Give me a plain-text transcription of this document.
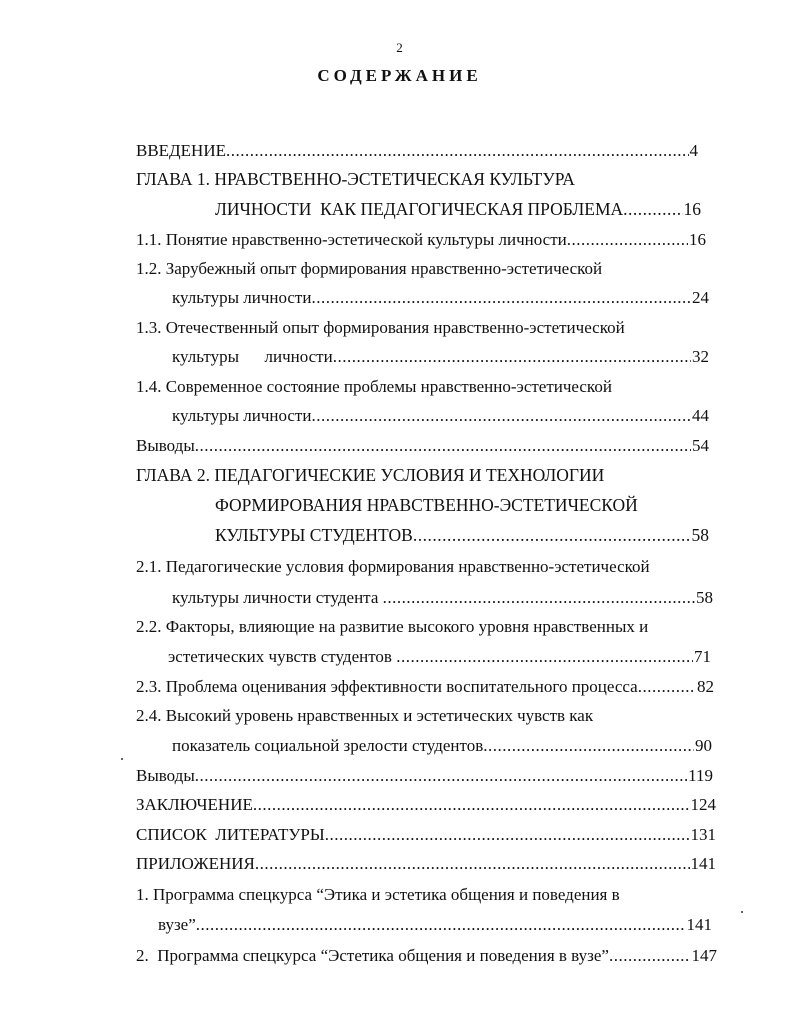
2
СОДЕРЖАНИЕ
ВВЕДЕНИЕ .....	4
ГЛАВА 1. НРАВСТВЕННО-ЭСТЕТИЧЕСКАЯ КУЛЬТУРА
ЛИЧНОСТИ  КАК ПЕДАГОГИЧЕСКАЯ ПРОБЛЕМА .....	16
1.1. Понятие нравственно-эстетической культуры личности .....	16
1.2. Зарубежный опыт формирования нравственно-эстетической
культуры личности .....	24
1.3. Отечественный опыт формирования нравственно-эстетической
культуры      личности .....	32
1.4. Современное состояние проблемы нравственно-эстетической
культуры личности .....	44
Выводы .....	54
ГЛАВА 2. ПЕДАГОГИЧЕСКИЕ УСЛОВИЯ И ТЕХНОЛОГИИ
ФОРМИРОВАНИЯ НРАВСТВЕННО-ЭСТЕТИЧЕСКОЙ
КУЛЬТУРЫ СТУДЕНТОВ .....	58
2.1. Педагогические условия формирования нравственно-эстетической
культуры личности студента .....	58
2.2. Факторы, влияющие на развитие высокого уровня нравственных и
эстетических чувств студентов .....	71
2.3. Проблема оценивания эффективности воспитательного процесса .....	82
2.4. Высокий уровень нравственных и эстетических чувств как
показатель социальной зрелости студентов .....	90
Выводы .....	119
ЗАКЛЮЧЕНИЕ .....	124
СПИСОК  ЛИТЕРАТУРЫ .....	131
ПРИЛОЖЕНИЯ .....	141
1. Программа спецкурса “Этика и эстетика общения и поведения в
вузе” .....	141
2.  Программа спецкурса “Эстетика общения и поведения в вузе” .....	147
